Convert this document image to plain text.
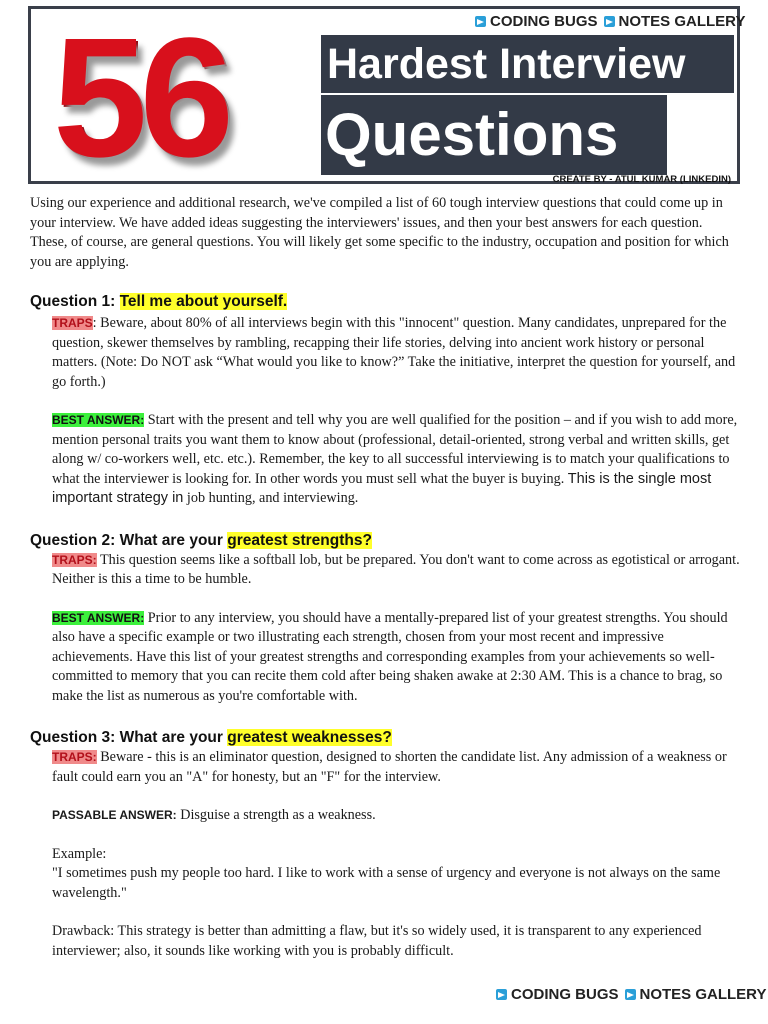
56	CODING BUGS NOTES GALLERY
Hardest Interview
Questions
CREATE BY - ATUL KUMAR (LINKEDIN)

Using our experience and additional research, we've compiled a list of 60 tough interview questions that could come up in your interview. We have added ideas suggesting the interviewers' issues, and then your best answers for each question. These, of course, are general questions. You will likely get some specific to the industry, occupation and position for which you are applying.

Question 1: Tell me about yourself.

TRAPS: Beware, about 80% of all interviews begin with this "innocent" question. Many candidates, unprepared for the question, skewer themselves by rambling, recapping their life stories, delving into ancient work history or personal matters. (Note: Do NOT ask “What would you like to know?” Take the initiative, interpret the question for yourself, and go forth.)

BEST ANSWER: Start with the present and tell why you are well qualified for the position – and if you wish to add more, mention personal traits you want them to know about (professional, detail-oriented, strong verbal and written skills, get along w/ co-workers well, etc. etc.). Remember, the key to all successful interviewing is to match your qualifications to what the interviewer is looking for. In other words you must sell what the buyer is buying. This is the single most important strategy in job hunting, and interviewing.

Question 2: What are your greatest strengths?

TRAPS: This question seems like a softball lob, but be prepared. You don't want to come across as egotistical or arrogant. Neither is this a time to be humble.

BEST ANSWER: Prior to any interview, you should have a mentally-prepared list of your greatest strengths. You should also have a specific example or two illustrating each strength, chosen from your most recent and impressive achievements. Have this list of your greatest strengths and corresponding examples from your achievements so well-committed to memory that you can recite them cold after being shaken awake at 2:30 AM. This is a chance to brag, so make the list as numerous as you're comfortable with.

Question 3: What are your greatest weaknesses?

TRAPS: Beware - this is an eliminator question, designed to shorten the candidate list. Any admission of a weakness or fault could earn you an "A" for honesty, but an "F" for the interview.

PASSABLE ANSWER: Disguise a strength as a weakness.

Example:

"I sometimes push my people too hard. I like to work with a sense of urgency and everyone is not always on the same wavelength."

Drawback: This strategy is better than admitting a flaw, but it's so widely used, it is transparent to any experienced interviewer; also, it sounds like working with you is probably difficult.

CODING BUGS NOTES GALLERY
